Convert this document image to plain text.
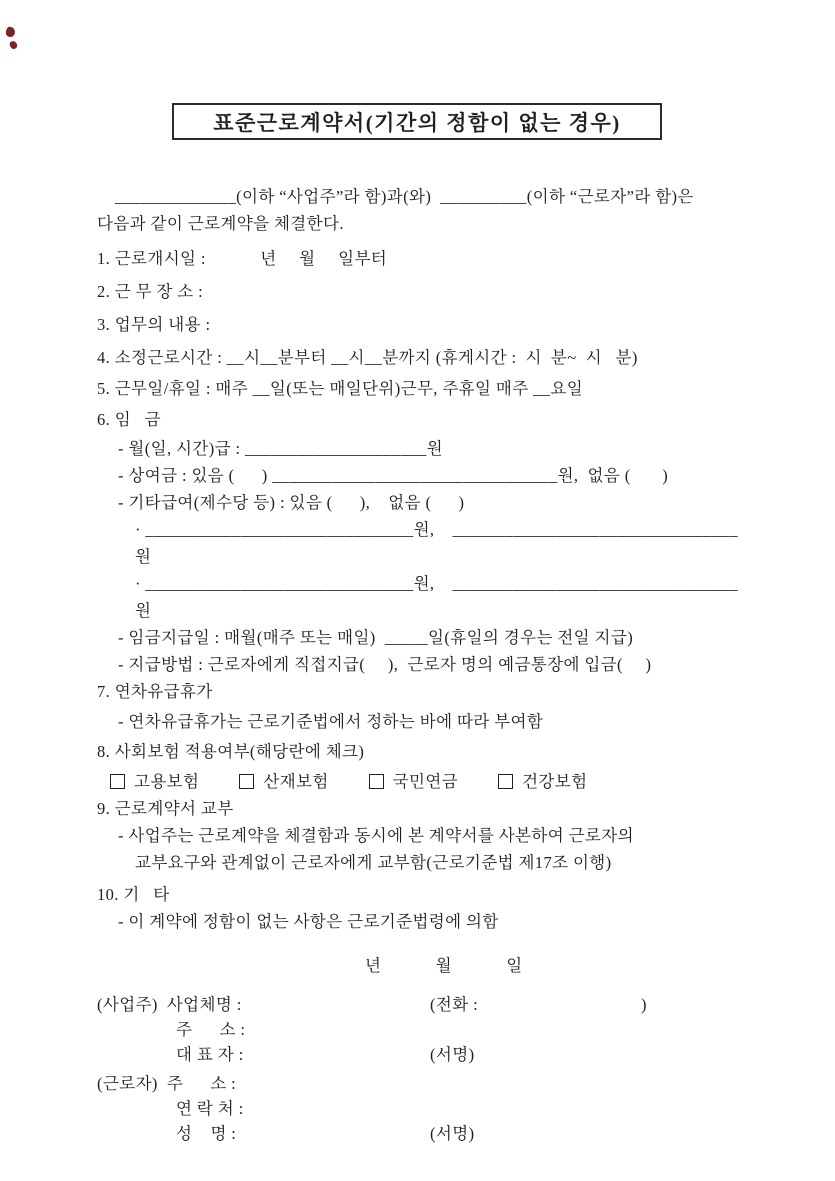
표준근로계약서(기간의 정함이 없는 경우)
______________(이하 “사업주”라 함)과(와)  __________(이하 “근로자”라 함)은
다음과 같이 근로계약을 체결한다.
1. 근로개시일 :            년     월     일부터
2. 근 무 장 소 :
3. 업무의 내용 :
4. 소정근로시간 : __시__분부터 __시__분까지 (휴게시간 :  시  분~  시   분)
5. 근무일/휴일 : 매주 __일(또는 매일단위)근무, 주휴일 매주 __요일
6. 임   금
- 월(일, 시간)급 : _____________________원
- 상여금 : 있음 (      ) _________________________________원,  없음 (       )
- 기타급여(제수당 등) : 있음 (      ),    없음 (      )
· _______________________________원,    _________________________________원
· _______________________________원,    _________________________________원
- 임금지급일 : 매월(매주 또는 매일)  _____일(휴일의 경우는 전일 지급)
- 지급방법 : 근로자에게 직접지급(     ),  근로자 명의 예금통장에 입금(     )
7. 연차유급휴가
- 연차유급휴가는 근로기준법에서 정하는 바에 따라 부여함
8. 사회보험 적용여부(해당란에 체크)
고용보험	산재보험	국민연금	건강보험
9. 근로계약서 교부
- 사업주는 근로계약을 체결함과 동시에 본 계약서를 사본하여 근로자의
교부요구와 관계없이 근로자에게 교부함(근로기준법 제17조 이행)
10. 기   타
- 이 계약에 정함이 없는 사항은 근로기준법령에 의함
년            월            일
(사업주) 사업체명 :	(전화 :                                    )
주      소 :
대 표 자 :	(서명)
(근로자) 주      소 :
연 락 처 :
성    명 :	(서명)
